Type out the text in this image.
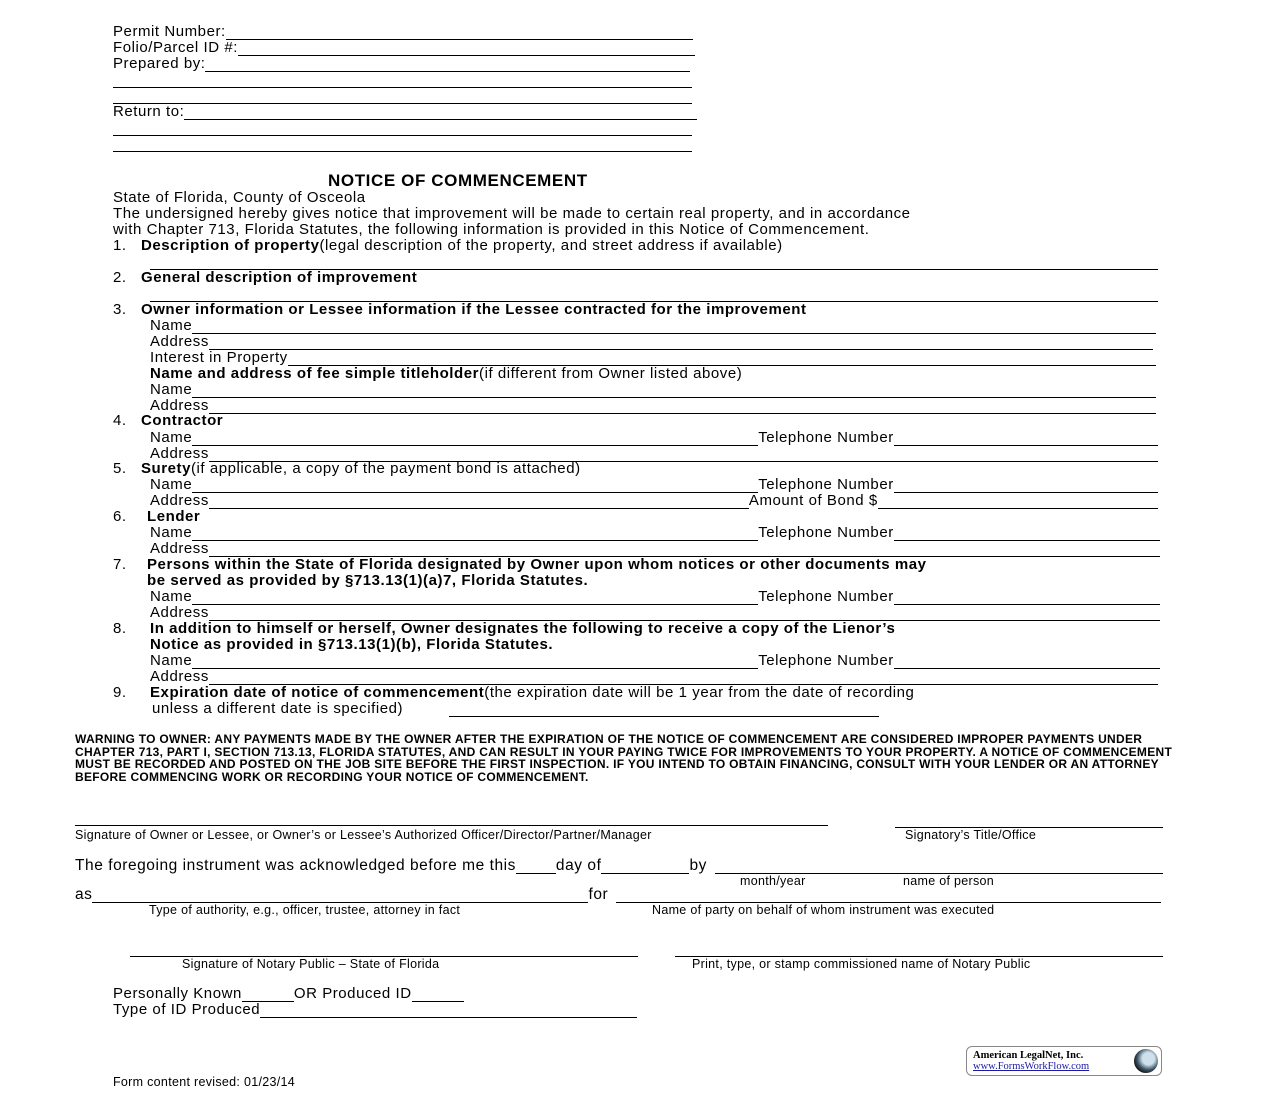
Permit Number:
Folio/Parcel ID #:
Prepared by:
Return to:
NOTICE OF COMMENCEMENT
State of Florida, County of Osceola
The undersigned hereby gives notice that improvement will be made to certain real property, and in accordance
with Chapter 713, Florida Statutes, the following information is provided in this Notice of Commencement.
1. Description of property (legal description of the property, and street address if available)
2. General description of improvement
3. Owner information or Lessee information if the Lessee contracted for the improvement
Name
Address
Interest in Property
Name and address of fee simple titleholder (if different from Owner listed above)
Name
Address
4. Contractor
Name	Telephone Number
Address
5. Surety (if applicable, a copy of the payment bond is attached)
Name	Telephone Number
Address	Amount of Bond $
6.	Lender
Name	Telephone Number
Address
7.	Persons within the State of Florida designated by Owner upon whom notices or other documents may
be served as provided by §713.13(1)(a)7, Florida Statutes.
Name	Telephone Number
Address
8.	In addition to himself or herself, Owner designates the following to receive a copy of the Lienor’s
Notice as provided in §713.13(1)(b), Florida Statutes.
Name	Telephone Number
Address
9.	Expiration date of notice of commencement (the expiration date will be 1 year from the date of recording
unless a different date is specified)
WARNING TO OWNER: ANY PAYMENTS MADE BY THE OWNER AFTER THE EXPIRATION OF THE NOTICE OF COMMENCEMENT ARE CONSIDERED IMPROPER PAYMENTS UNDER CHAPTER 713, PART I, SECTION 713.13, FLORIDA STATUTES, AND CAN RESULT IN YOUR PAYING TWICE FOR IMPROVEMENTS TO YOUR PROPERTY. A NOTICE OF COMMENCEMENT MUST BE RECORDED AND POSTED ON THE JOB SITE BEFORE THE FIRST INSPECTION. IF YOU INTEND TO OBTAIN FINANCING, CONSULT WITH YOUR LENDER OR AN ATTORNEY BEFORE COMMENCING WORK OR RECORDING YOUR NOTICE OF COMMENCEMENT.
Signature of Owner or Lessee, or Owner’s or Lessee’s Authorized Officer/Director/Partner/Manager	Signatory’s Title/Office
The foregoing instrument was acknowledged before me this	day of	by
month/year	name of person
as	for
Type of authority, e.g., officer, trustee, attorney in fact	Name of party on behalf of whom instrument was executed
Signature of Notary Public – State of Florida	Print, type, or stamp commissioned name of Notary Public
Personally Known	OR Produced ID
Type of ID Produced
American LegalNet, Inc.
www.FormsWorkFlow.com
Form content revised: 01/23/14
